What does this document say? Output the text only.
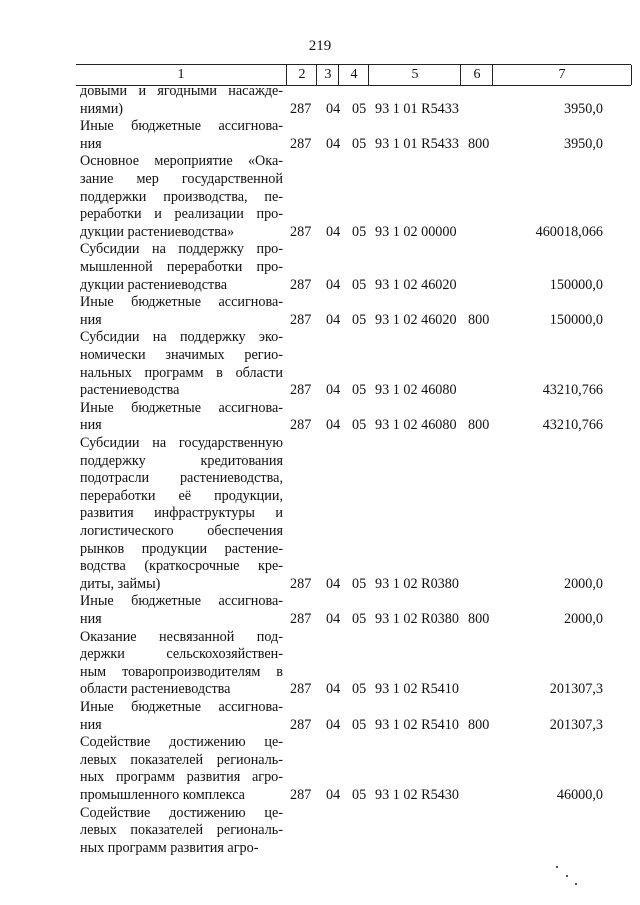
219
1	2	3	4	5	6	7
довыми и ягодными насажде-
ниями)	287 04 05 93 1 01 R5433	3950,0
Иные бюджетные ассигнова-
ния	287 04 05 93 1 01 R5433 800	3950,0
Основное мероприятие «Ока-
зание мер государственной
поддержки производства, пе-
реработки и реализации про-
дукции растениеводства»	287 04 05 93 1 02 00000	460018,066
Субсидии на поддержку про-
мышленной переработки про-
дукции растениеводства	287 04 05 93 1 02 46020	150000,0
Иные бюджетные ассигнова-
ния	287 04 05 93 1 02 46020 800	150000,0
Субсидии на поддержку эко-
номически значимых регио-
нальных программ в области
растениеводства	287 04 05 93 1 02 46080	43210,766
Иные бюджетные ассигнова-
ния	287 04 05 93 1 02 46080 800	43210,766
Субсидии на государственную
поддержку кредитования
подотрасли растениеводства,
переработки её продукции,
развития инфраструктуры и
логистического обеспечения
рынков продукции растение-
водства (краткосрочные кре-
диты, займы)	287 04 05 93 1 02 R0380	2000,0
Иные бюджетные ассигнова-
ния	287 04 05 93 1 02 R0380 800	2000,0
Оказание несвязанной под-
держки сельскохозяйствен-
ным товаропроизводителям в
области растениеводства	287 04 05 93 1 02 R5410	201307,3
Иные бюджетные ассигнова-
ния	287 04 05 93 1 02 R5410 800	201307,3
Содействие достижению це-
левых показателей региональ-
ных программ развития агро-
промышленного комплекса	287 04 05 93 1 02 R5430	46000,0
Содействие достижению це-
левых показателей региональ-
ных программ развития агро-
